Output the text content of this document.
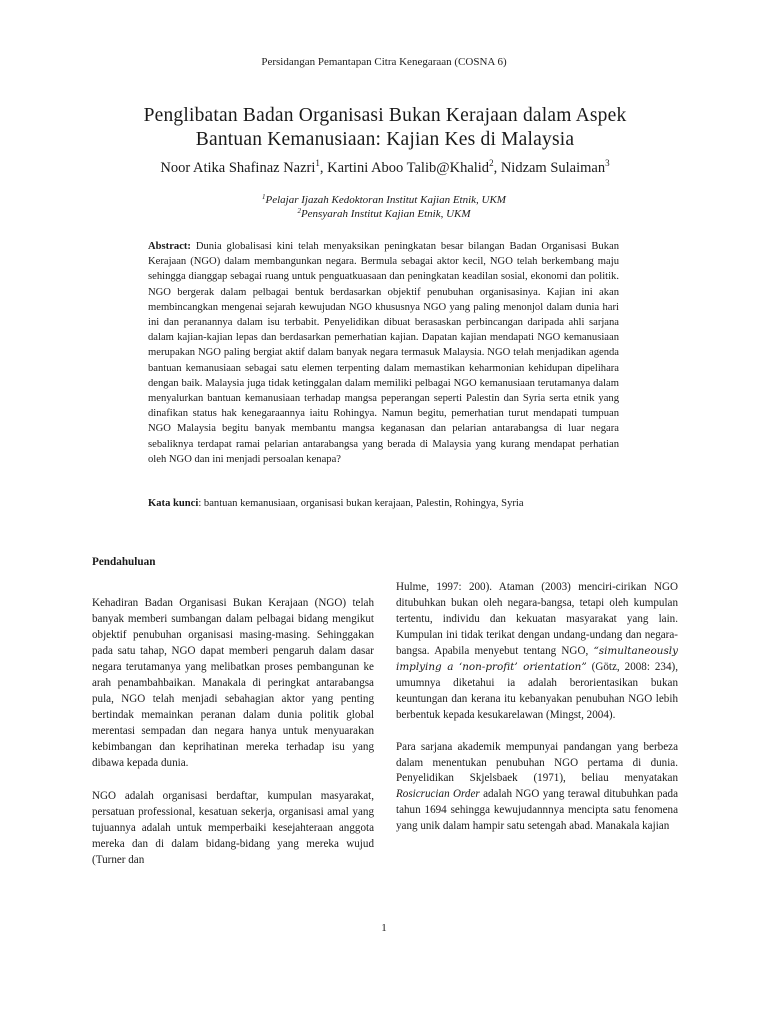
Persidangan Pemantapan Citra Kenegaraan (COSNA 6)
Penglibatan Badan Organisasi Bukan Kerajaan dalam Aspek
Bantuan Kemanusiaan: Kajian Kes di Malaysia
Noor Atika Shafinaz Nazri$^1$, Kartini Aboo Talib@Khalid$^2$, Nidzam Sulaiman$^3$
$^1$Pelajar Ijazah Kedoktoran Institut Kajian Etnik, UKM
$^2$Pensyarah Institut Kajian Etnik, UKM
Abstract: Dunia globalisasi kini telah menyaksikan peningkatan besar bilangan Badan Organisasi Bukan Kerajaan (NGO) dalam membangunkan negara. Bermula sebagai aktor kecil, NGO telah berkembang maju sehingga dianggap sebagai ruang untuk penguatkuasaan dan peningkatan keadilan sosial, ekonomi dan politik. NGO bergerak dalam pelbagai bentuk berdasarkan objektif penubuhan organisasinya. Kajian ini akan membincangkan mengenai sejarah kewujudan NGO khususnya NGO yang paling menonjol dalam dunia hari ini dan peranannya dalam isu terbabit. Penyelidikan dibuat berasaskan perbincangan daripada ahli sarjana dalam kajian-kajian lepas dan berdasarkan pemerhatian kajian. Dapatan kajian mendapati NGO kemanusiaan merupakan NGO paling bergiat aktif dalam banyak negara termasuk Malaysia. NGO telah menjadikan agenda bantuan kemanusiaan sebagai satu elemen terpenting dalam memastikan keharmonian kehidupan dipelihara dengan baik. Malaysia juga tidak ketinggalan dalam memiliki pelbagai NGO kemanusiaan terutamanya dalam menyalurkan bantuan kemanusiaan terhadap mangsa peperangan seperti Palestin dan Syria serta etnik yang dinafikan status hak kenegaraannya iaitu Rohingya. Namun begitu, pemerhatian turut mendapati tumpuan NGO Malaysia begitu banyak membantu mangsa keganasan dan pelarian antarabangsa di luar negara sebaliknya terdapat ramai pelarian antarabangsa yang berada di Malaysia yang kurang mendapat perhatian oleh NGO dan ini menjadi persoalan kenapa?
Kata kunci: bantuan kemanusiaan, organisasi bukan kerajaan, Palestin, Rohingya, Syria
Pendahuluan

Kehadiran Badan Organisasi Bukan Kerajaan (NGO) telah banyak memberi sumbangan dalam pelbagai bidang mengikut objektif penubuhan organisasi masing-masing. Sehinggakan pada satu tahap, NGO dapat memberi pengaruh dalam dasar negara terutamanya yang melibatkan proses pembangunan ke arah penambahbaikan. Manakala di peringkat antarabangsa pula, NGO telah menjadi sebahagian aktor yang penting bertindak memainkan peranan dalam dunia politik global merentasi sempadan dan negara hanya untuk menyuarakan kebimbangan dan keprihatinan mereka terhadap isu yang dibawa kepada dunia.

NGO adalah organisasi berdaftar, kumpulan masyarakat, persatuan professional, kesatuan sekerja, organisasi amal yang tujuannya adalah untuk memperbaiki kesejahteraan anggota mereka dan di dalam bidang-bidang yang mereka wujud (Turner dan

Hulme, 1997: 200). Ataman (2003) menciri-cirikan NGO ditubuhkan bukan oleh negara-bangsa, tetapi oleh kumpulan tertentu, individu dan kekuatan masyarakat yang lain. Kumpulan ini tidak terikat dengan undang-undang dan negara-bangsa. Apabila menyebut tentang NGO, “simultaneously implying a ‘non-profit’ orientation” (Götz, 2008: 234), umumnya diketahui ia adalah berorientasikan bukan keuntungan dan kerana itu kebanyakan penubuhan NGO lebih berbentuk kepada kesukarelawan (Mingst, 2004).

Para sarjana akademik mempunyai pandangan yang berbeza dalam menentukan penubuhan NGO pertama di dunia. Penyelidikan Skjelsbaek (1971), beliau menyatakan Rosicrucian Order adalah NGO yang terawal ditubuhkan pada tahun 1694 sehingga kewujudannnya mencipta satu fenomena yang unik dalam hampir satu setengah abad. Manakala kajian

1
